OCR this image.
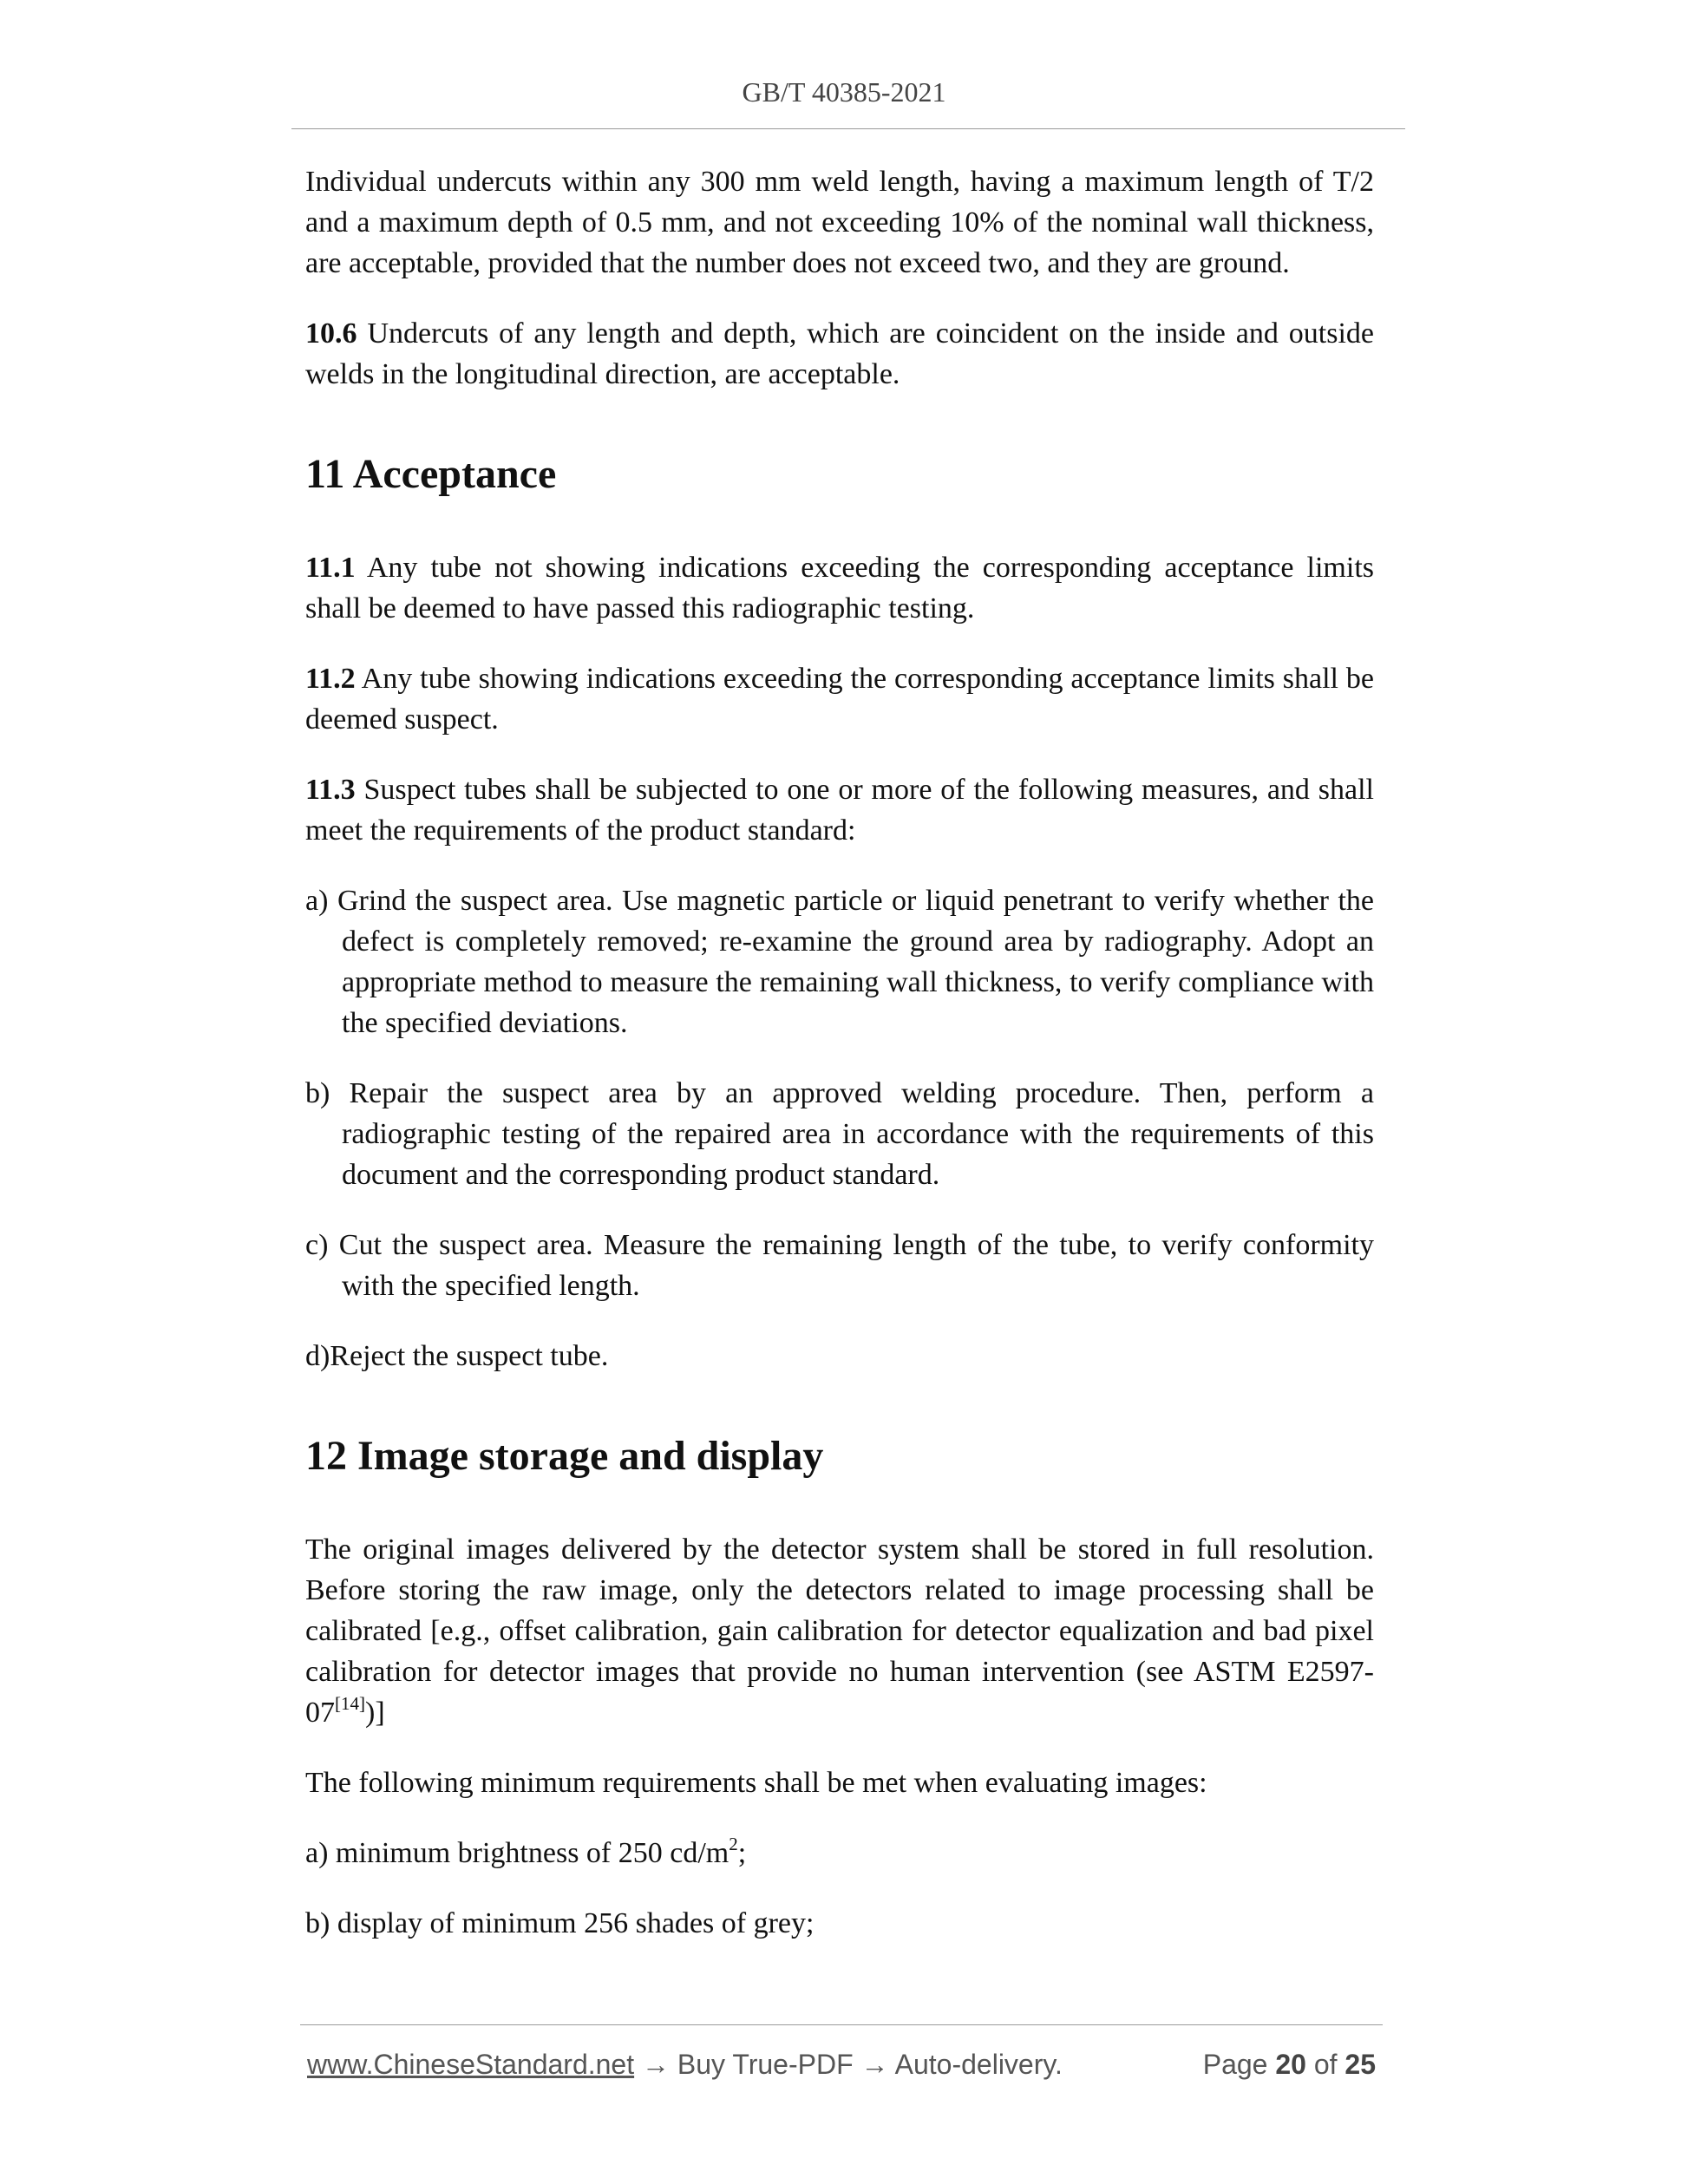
GB/T 40385-2021

Individual undercuts within any 300 mm weld length, having a maximum length of T/2 and a maximum depth of 0.5 mm, and not exceeding 10% of the nominal wall thickness, are acceptable, provided that the number does not exceed two, and they are ground.

10.6 Undercuts of any length and depth, which are coincident on the inside and outside welds in the longitudinal direction, are acceptable.

11 Acceptance

11.1 Any tube not showing indications exceeding the corresponding acceptance limits shall be deemed to have passed this radiographic testing.

11.2 Any tube showing indications exceeding the corresponding acceptance limits shall be deemed suspect.

11.3 Suspect tubes shall be subjected to one or more of the following measures, and shall meet the requirements of the product standard:

a) Grind the suspect area. Use magnetic particle or liquid penetrant to verify whether the defect is completely removed; re-examine the ground area by radiography. Adopt an appropriate method to measure the remaining wall thickness, to verify compliance with the specified deviations.

b) Repair the suspect area by an approved welding procedure. Then, perform a radiographic testing of the repaired area in accordance with the requirements of this document and the corresponding product standard.

c) Cut the suspect area. Measure the remaining length of the tube, to verify conformity with the specified length.

d)Reject the suspect tube.

12 Image storage and display

The original images delivered by the detector system shall be stored in full resolution. Before storing the raw image, only the detectors related to image processing shall be calibrated [e.g., offset calibration, gain calibration for detector equalization and bad pixel calibration for detector images that provide no human intervention (see ASTM E2597-07[14])]

The following minimum requirements shall be met when evaluating images:

a) minimum brightness of 250 $cd/m^2$;

b) display of minimum 256 shades of grey;

www.ChineseStandard.net → Buy True-PDF → Auto-delivery.	Page 20 of 25
